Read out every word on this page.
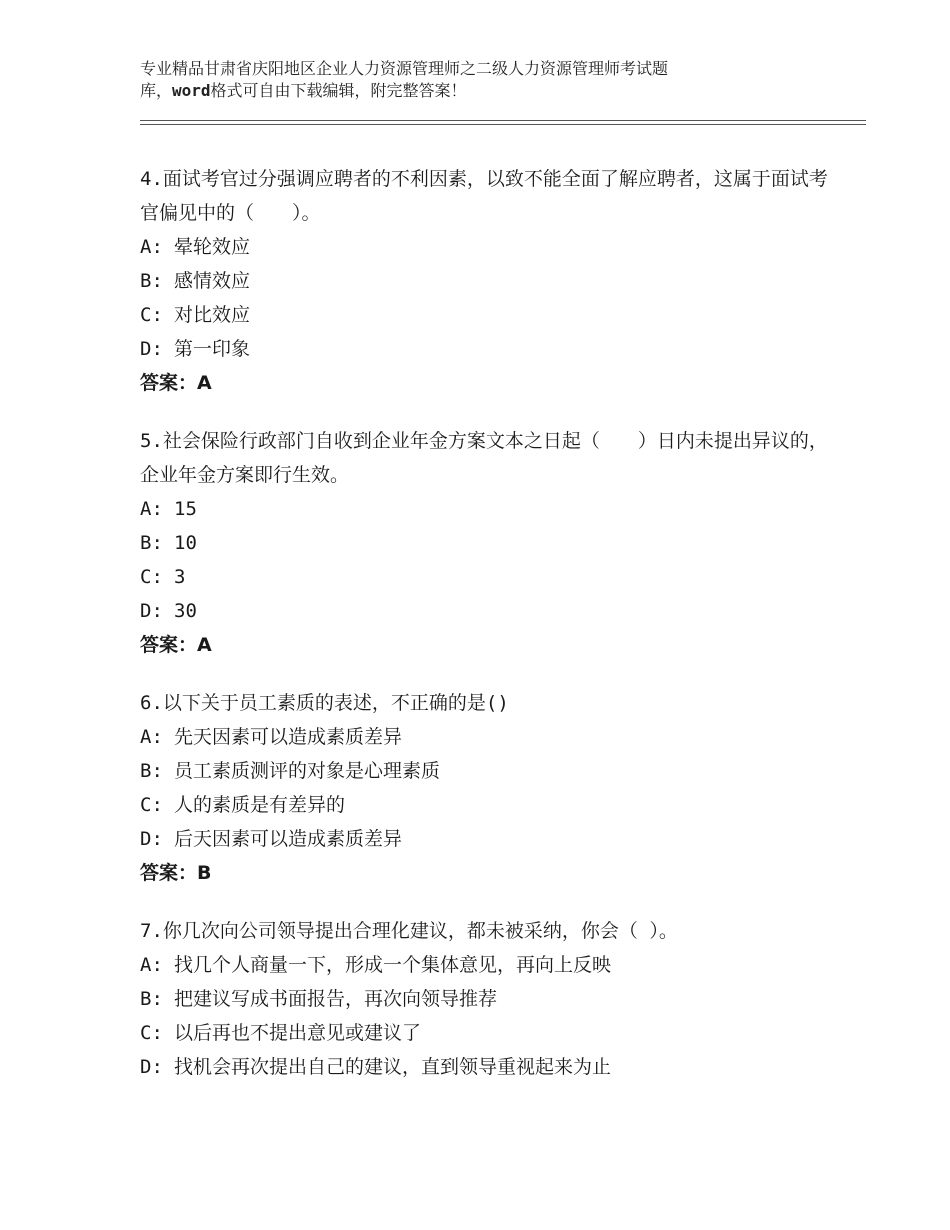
专业精品甘肃省庆阳地区企业人力资源管理师之二级人力资源管理师考试题
库，word格式可自由下载编辑，附完整答案！
4.面试考官过分强调应聘者的不利因素，以致不能全面了解应聘者，这属于面试考官偏见中的（　　）。
A: 晕轮效应
B: 感情效应
C: 对比效应
D: 第一印象
答案：A
5.社会保险行政部门自收到企业年金方案文本之日起（　　）日内未提出异议的，企业年金方案即行生效。
A: 15
B: 10
C: 3
D: 30
答案：A
6.以下关于员工素质的表述，不正确的是()
A: 先天因素可以造成素质差异
B: 员工素质测评的对象是心理素质
C: 人的素质是有差异的
D: 后天因素可以造成素质差异
答案：B
7.你几次向公司领导提出合理化建议，都未被采纳，你会（ ）。
A: 找几个人商量一下，形成一个集体意见，再向上反映
B: 把建议写成书面报告，再次向领导推荐
C: 以后再也不提出意见或建议了
D: 找机会再次提出自己的建议，直到领导重视起来为止
